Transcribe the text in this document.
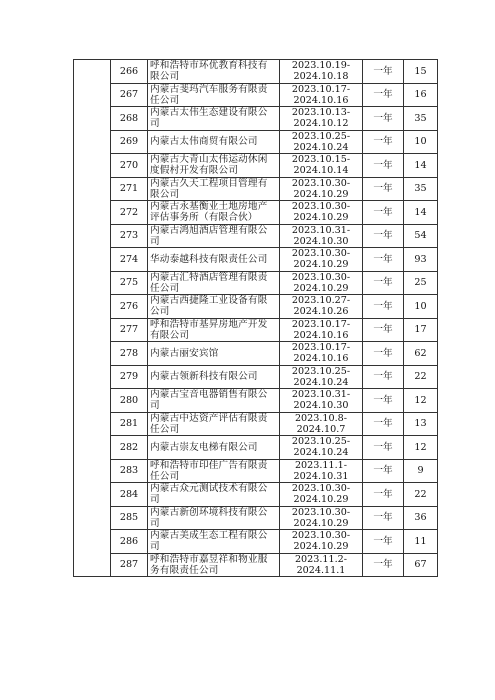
	266	呼和浩特市环优教育科技有限公司	2023.10.19-2024.10.18	一年	15
	267	内蒙古斐玛汽车服务有限责任公司	2023.10.17-2024.10.16	一年	16
	268	内蒙古太伟生态建设有限公司	2023.10.13-2024.10.12	一年	35
	269	内蒙古太伟商贸有限公司	2023.10.25-2024.10.24	一年	10
	270	内蒙古大青山太伟运动休闲度假村开发有限公司	2023.10.15-2024.10.14	一年	14
	271	内蒙古久天工程项目管理有限公司	2023.10.30-2024.10.29	一年	35
	272	内蒙古永基衡业土地房地产评估事务所（有限合伙）	2023.10.30-2024.10.29	一年	14
	273	内蒙古鸿旭酒店管理有限公司	2023.10.31-2024.10.30	一年	54
	274	华动泰越科技有限责任公司	2023.10.30-2024.10.29	一年	93
	275	内蒙古汇特酒店管理有限责任公司	2023.10.30-2024.10.29	一年	25
	276	内蒙古西捷隆工业设备有限公司	2023.10.27-2024.10.26	一年	10
	277	呼和浩特市基昇房地产开发有限公司	2023.10.17-2024.10.16	一年	17
	278	内蒙古丽安宾馆	2023.10.17-2024.10.16	一年	62
	279	内蒙古领新科技有限公司	2023.10.25-2024.10.24	一年	22
	280	内蒙古宝音电器销售有限公司	2023.10.31-2024.10.30	一年	12
	281	内蒙古中达资产评估有限责任公司	2023.10.8-2024.10.7	一年	13
	282	内蒙古崇友电梯有限公司	2023.10.25-2024.10.24	一年	12
	283	呼和浩特市印佳广告有限责任公司	2023.11.1-2024.10.31	一年	9
	284	内蒙古众元测试技术有限公司	2023.10.30-2024.10.29	一年	22
	285	内蒙古新创环境科技有限公司	2023.10.30-2024.10.29	一年	36
	286	内蒙古美成生态工程有限公司	2023.10.30-2024.10.29	一年	11
	287	呼和浩特市嘉昱祥和物业服务有限责任公司	2023.11.2-2024.11.1	一年	67
